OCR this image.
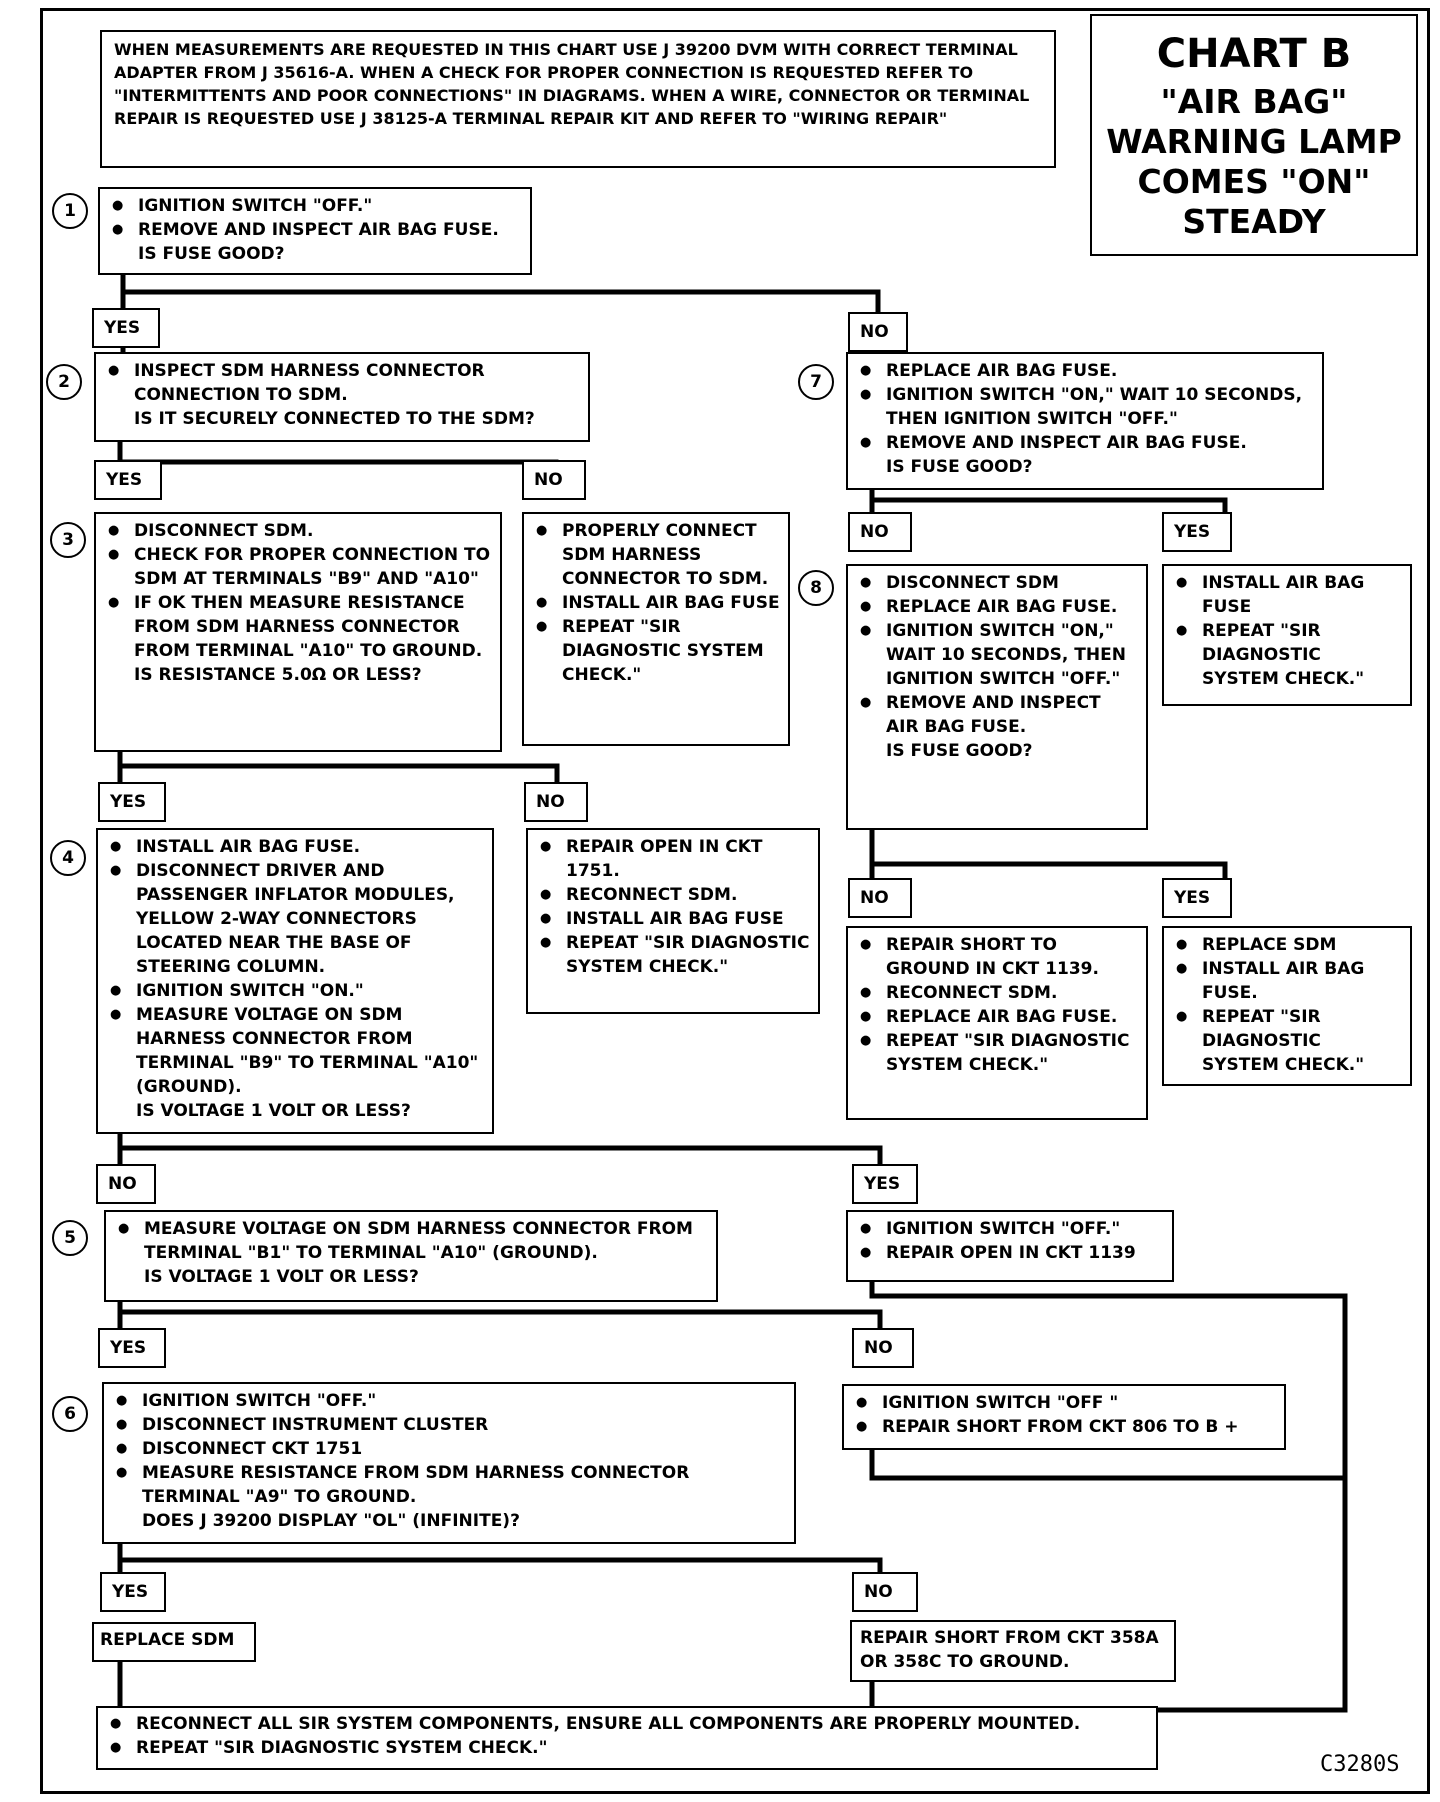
WHEN MEASUREMENTS ARE REQUESTED IN THIS CHART USE J 39200 DVM WITH CORRECT TERMINAL ADAPTER FROM J 35616-A. WHEN A CHECK FOR PROPER CONNECTION IS REQUESTED REFER TO "INTERMITTENTS AND POOR CONNECTIONS" IN DIAGRAMS. WHEN A WIRE, CONNECTOR OR TERMINAL REPAIR IS REQUESTED USE J 38125-A TERMINAL REPAIR KIT AND REFER TO "WIRING REPAIR"
CHART B
"AIR BAG" WARNING LAMP COMES "ON" STEADY
1	● IGNITION SWITCH "OFF."
● REMOVE AND INSPECT AIR BAG FUSE.
IS FUSE GOOD?
YES	NO
2
● INSPECT SDM HARNESS CONNECTOR CONNECTION TO SDM.
IS IT SECURELY CONNECTED TO THE SDM?
YES	NO
3	● DISCONNECT SDM.
● CHECK FOR PROPER CONNECTION TO SDM AT TERMINALS "B9" AND "A10"
● IF OK THEN MEASURE RESISTANCE FROM SDM HARNESS CONNECTOR FROM TERMINAL "A10" TO GROUND.
IS RESISTANCE 5.0Ω OR LESS?
● PROPERLY CONNECT SDM HARNESS CONNECTOR TO SDM.
● INSTALL AIR BAG FUSE
● REPEAT "SIR DIAGNOSTIC SYSTEM CHECK."
YES	NO
4
● INSTALL AIR BAG FUSE.
● DISCONNECT DRIVER AND PASSENGER INFLATOR MODULES, YELLOW 2-WAY CONNECTORS LOCATED NEAR THE BASE OF STEERING COLUMN.
● IGNITION SWITCH "ON."
● MEASURE VOLTAGE ON SDM HARNESS CONNECTOR FROM TERMINAL "B9" TO TERMINAL "A10" (GROUND).
IS VOLTAGE 1 VOLT OR LESS?
● REPAIR OPEN IN CKT 1751.
● RECONNECT SDM.
● INSTALL AIR BAG FUSE
● REPEAT "SIR DIAGNOSTIC SYSTEM CHECK."
NO	YES
5	● MEASURE VOLTAGE ON SDM HARNESS CONNECTOR FROM TERMINAL "B1" TO TERMINAL "A10" (GROUND).
IS VOLTAGE 1 VOLT OR LESS?
● IGNITION SWITCH "OFF."
● REPAIR OPEN IN CKT 1139
YES	NO
6
● IGNITION SWITCH "OFF."
● DISCONNECT INSTRUMENT CLUSTER
● DISCONNECT CKT 1751
● MEASURE RESISTANCE FROM SDM HARNESS CONNECTOR TERMINAL "A9" TO GROUND.
DOES J 39200 DISPLAY "OL" (INFINITE)?
● IGNITION SWITCH "OFF "
● REPAIR SHORT FROM CKT 806 TO B +
YES	NO
REPLACE SDM	REPAIR SHORT FROM CKT 358A OR 358C TO GROUND.
7
● REPLACE AIR BAG FUSE.
● IGNITION SWITCH "ON," WAIT 10 SECONDS, THEN IGNITION SWITCH "OFF."
● REMOVE AND INSPECT AIR BAG FUSE.
IS FUSE GOOD?
NO	YES
8	● DISCONNECT SDM
● REPLACE AIR BAG FUSE.
● IGNITION SWITCH "ON," WAIT 10 SECONDS, THEN IGNITION SWITCH "OFF."
● REMOVE AND INSPECT AIR BAG FUSE.
IS FUSE GOOD?
● INSTALL AIR BAG FUSE
● REPEAT "SIR DIAGNOSTIC SYSTEM CHECK."
NO	YES
● REPAIR SHORT TO GROUND IN CKT 1139.
● RECONNECT SDM.
● REPLACE AIR BAG FUSE.
● REPEAT "SIR DIAGNOSTIC SYSTEM CHECK."
● REPLACE SDM
● INSTALL AIR BAG FUSE.
● REPEAT "SIR DIAGNOSTIC SYSTEM CHECK."
● RECONNECT ALL SIR SYSTEM COMPONENTS, ENSURE ALL COMPONENTS ARE PROPERLY MOUNTED.
● REPEAT "SIR DIAGNOSTIC SYSTEM CHECK."
C3280S
